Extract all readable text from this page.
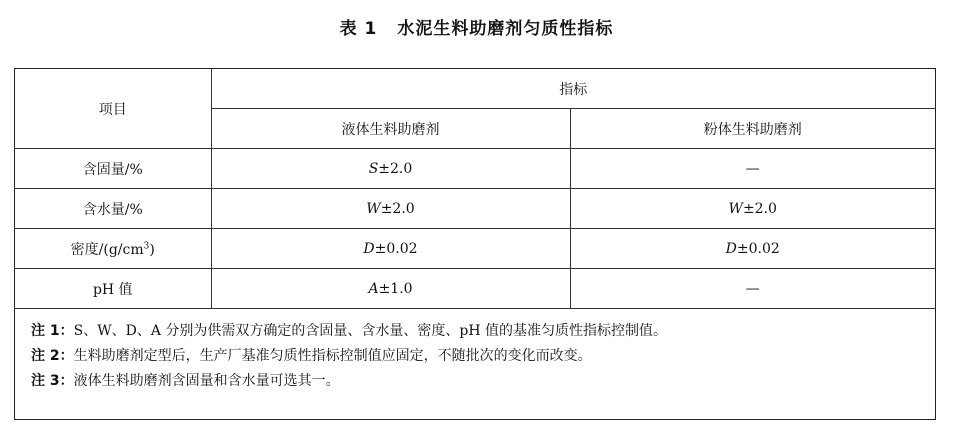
表 1 水泥生料助磨剂匀质性指标
项目	指标	
	液体生料助磨剂	粉体生料助磨剂
含固量/%	S±2.0	—
含水量/%	W±2.0	W±2.0
密度$/(g/cm^3)$	D±0.02	D±0.02
pH 值	A±1.0	—
注 1：S、W、D、A 分别为供需双方确定的含固量、含水量、密度、pH 值的基准匀质性指标控制值。
注 2：生料助磨剂定型后，生产厂基准匀质性指标控制值应固定，不随批次的变化而改变。
注 3：液体生料助磨剂含固量和含水量可选其一。
